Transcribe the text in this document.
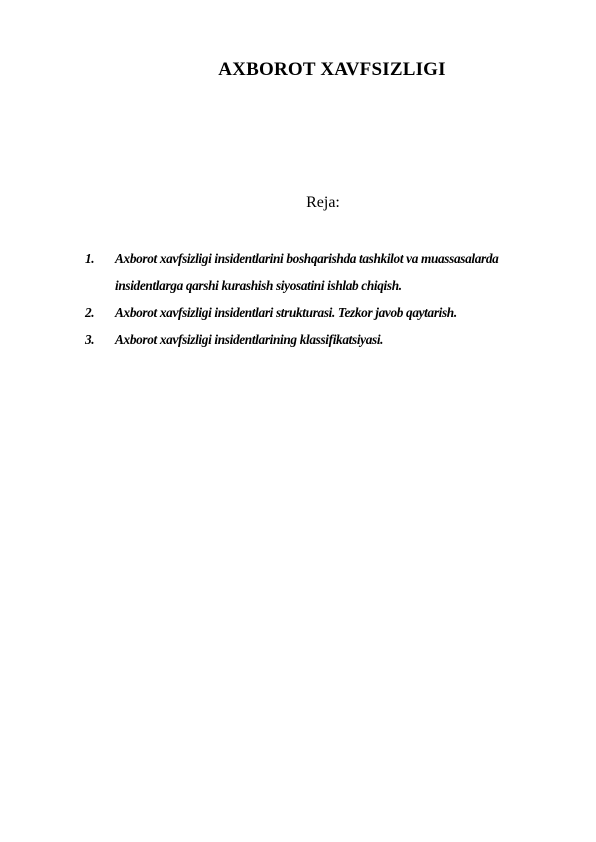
AXBOROT XAVFSIZLIGI
Reja:
1.	Axborot xavfsizligi insidentlarini boshqarishda tashkilot va muassasalarda insidentlarga qarshi kurashish siyosatini ishlab chiqish.
2.	Axborot xavfsizligi insidentlari strukturasi. Tezkor javob qaytarish.
3.	Axborot xavfsizligi insidentlarining klassifikatsiyasi.
